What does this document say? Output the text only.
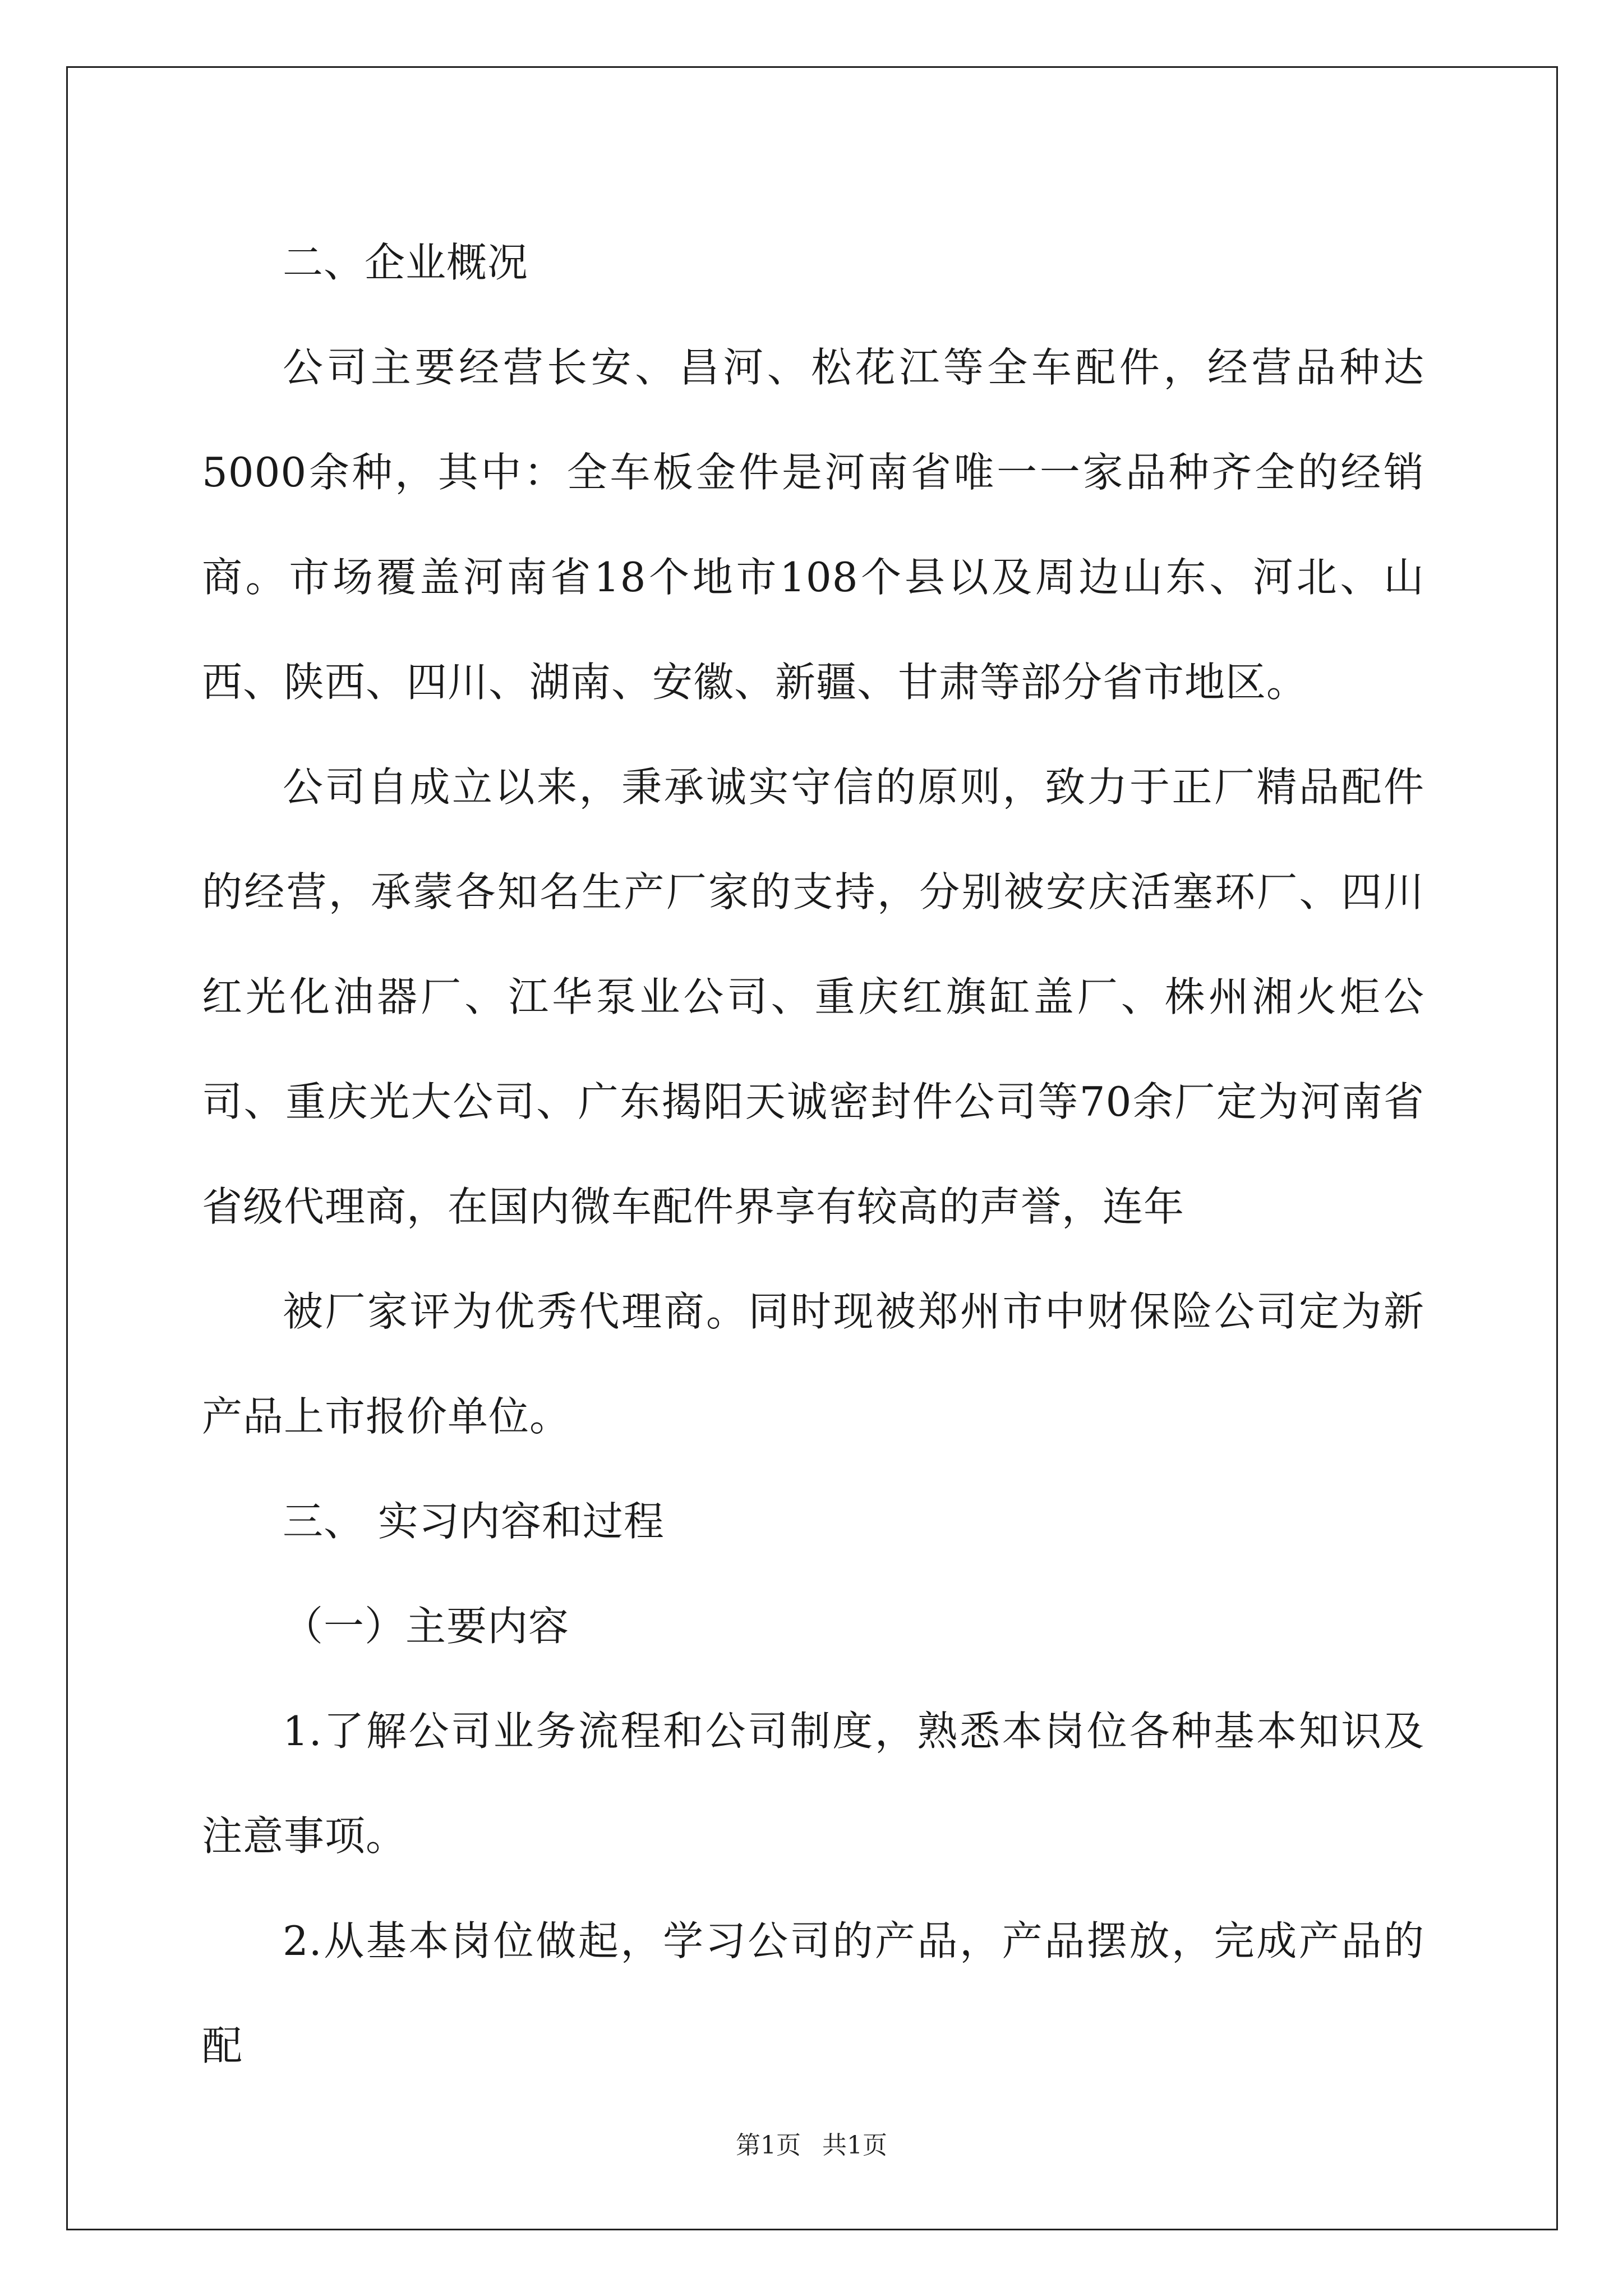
二、企业概况

公司主要经营长安、昌河、松花江等全车配件，经营品种达5000余种，其中：全车板金件是河南省唯一一家品种齐全的经销商。市场覆盖河南省18个地市108个县以及周边山东、河北、山西、陕西、四川、湖南、安徽、新疆、甘肃等部分省市地区。

公司自成立以来，秉承诚实守信的原则，致力于正厂精品配件的经营，承蒙各知名生产厂家的支持，分别被安庆活塞环厂、四川红光化油器厂、江华泵业公司、重庆红旗缸盖厂、株州湘火炬公司、重庆光大公司、广东揭阳天诚密封件公司等70余厂定为河南省省级代理商，在国内微车配件界享有较高的声誉，连年

被厂家评为优秀代理商。同时现被郑州市中财保险公司定为新产品上市报价单位。

三、 实习内容和过程

（一）主要内容

1.了解公司业务流程和公司制度，熟悉本岗位各种基本知识及注意事项。

2.从基本岗位做起，学习公司的产品，产品摆放，完成产品的配

第1页 共1页
